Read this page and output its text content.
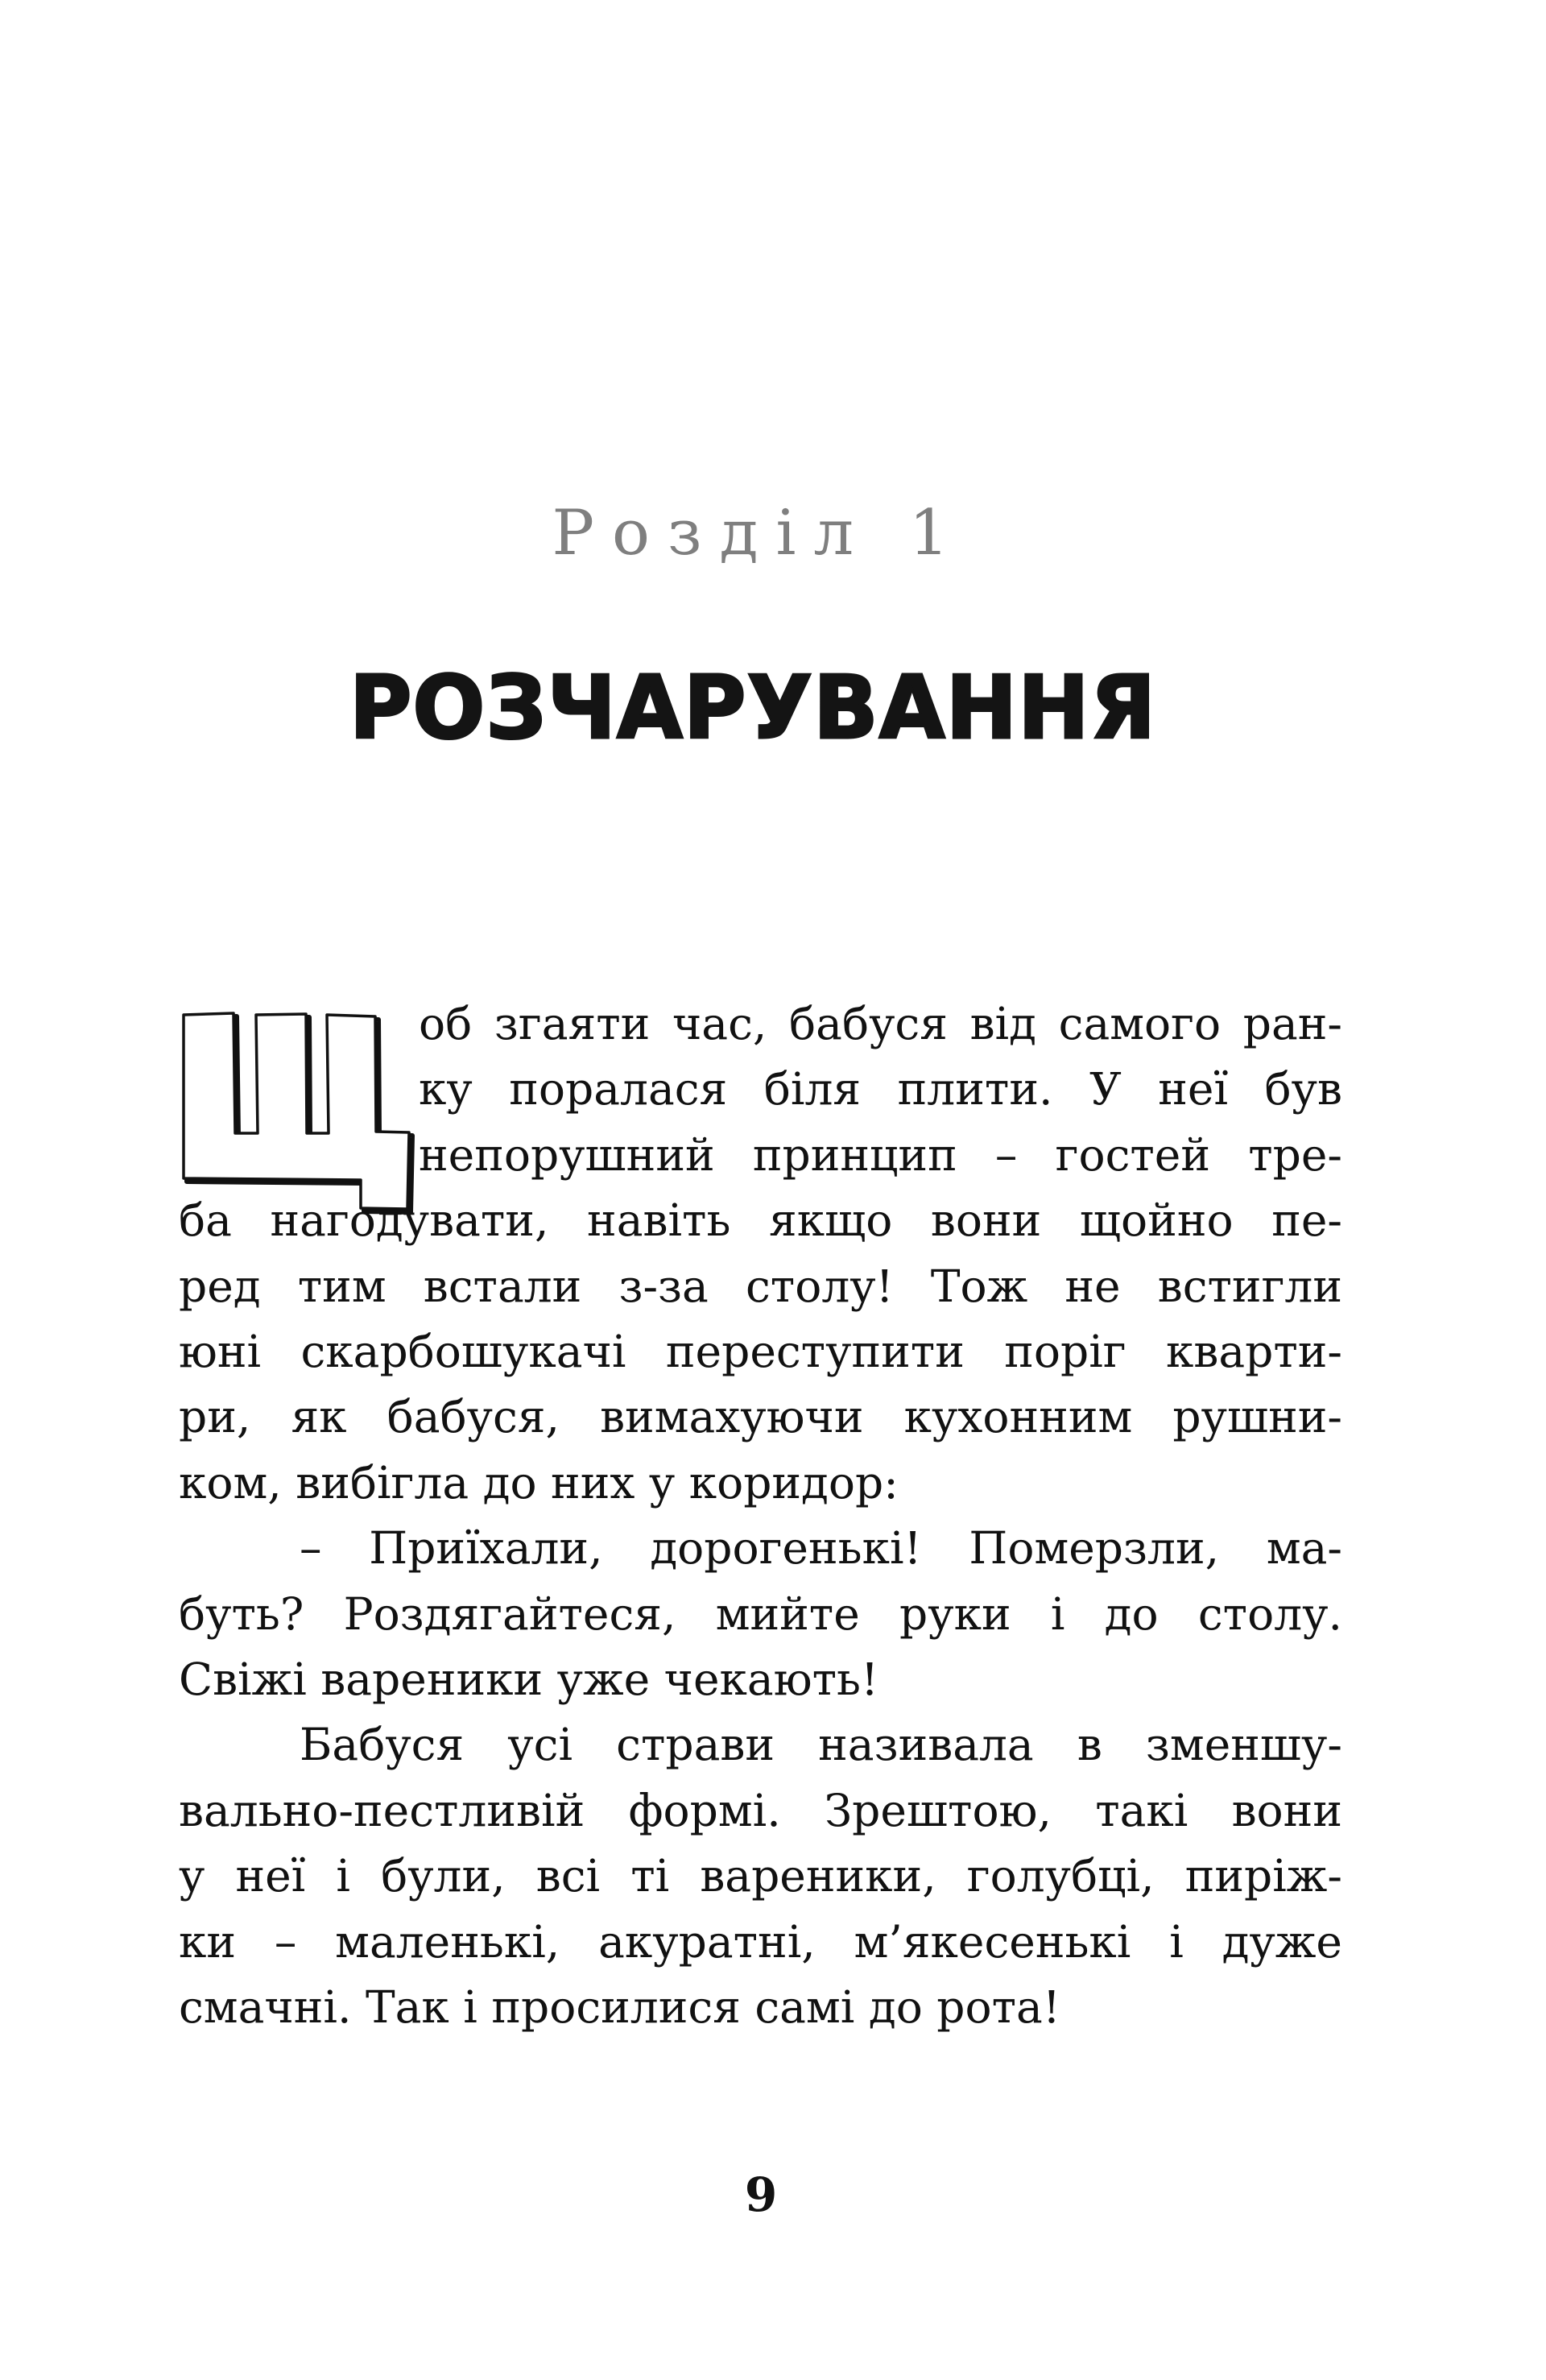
Розділ 1
РОЗЧАРУВАННЯ
об згаяти час, бабуся від самого ран-
ку поралася біля плити. У неї був
непорушний принцип – гостей тре-
ба нагодувати, навіть якщо вони щойно пе-
ред тим встали з-за столу! Тож не встигли
юні скарбошукачі переступити поріг кварти-
ри, як бабуся, вимахуючи кухонним рушни-
ком, вибігла до них у коридор:
– Приїхали, дорогенькі! Померзли, ма-
буть? Роздягайтеся, мийте руки і до столу.
Свіжі вареники уже чекають!
Бабуся усі страви називала в зменшу-
вально-пестливій формі. Зрештою, такі вони
у неї і були, всі ті вареники, голубці, пиріж-
ки – маленькі, акуратні, м’якесенькі і дуже
смачні. Так і просилися самі до рота!
9
